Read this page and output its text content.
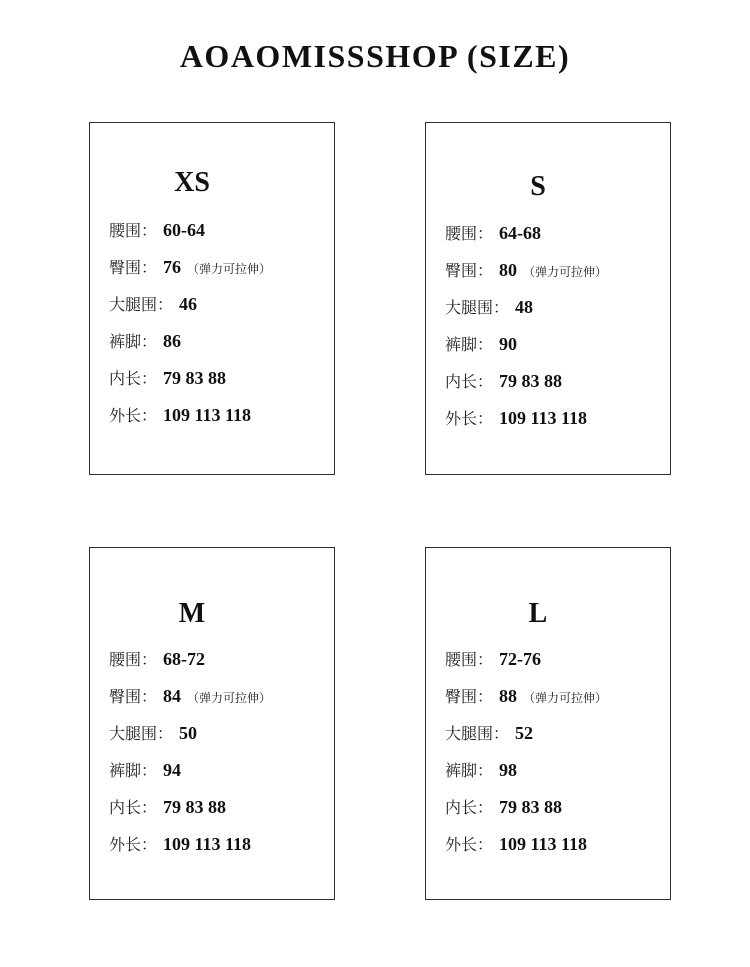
AOAOMISSSHOP (SIZE)
XS
腰围： 60-64
臀围： 76 （弹力可拉伸）
大腿围： 46
裤脚： 86
内长： 79 83 88
外长： 109 113 118
S
腰围： 64-68
臀围： 80 （弹力可拉伸）
大腿围： 48
裤脚： 90
内长： 79 83 88
外长： 109 113 118
M
腰围： 68-72
臀围： 84 （弹力可拉伸）
大腿围： 50
裤脚： 94
内长： 79 83 88
外长： 109 113 118
L
腰围： 72-76
臀围： 88 （弹力可拉伸）
大腿围： 52
裤脚： 98
内长： 79 83 88
外长： 109 113 118
